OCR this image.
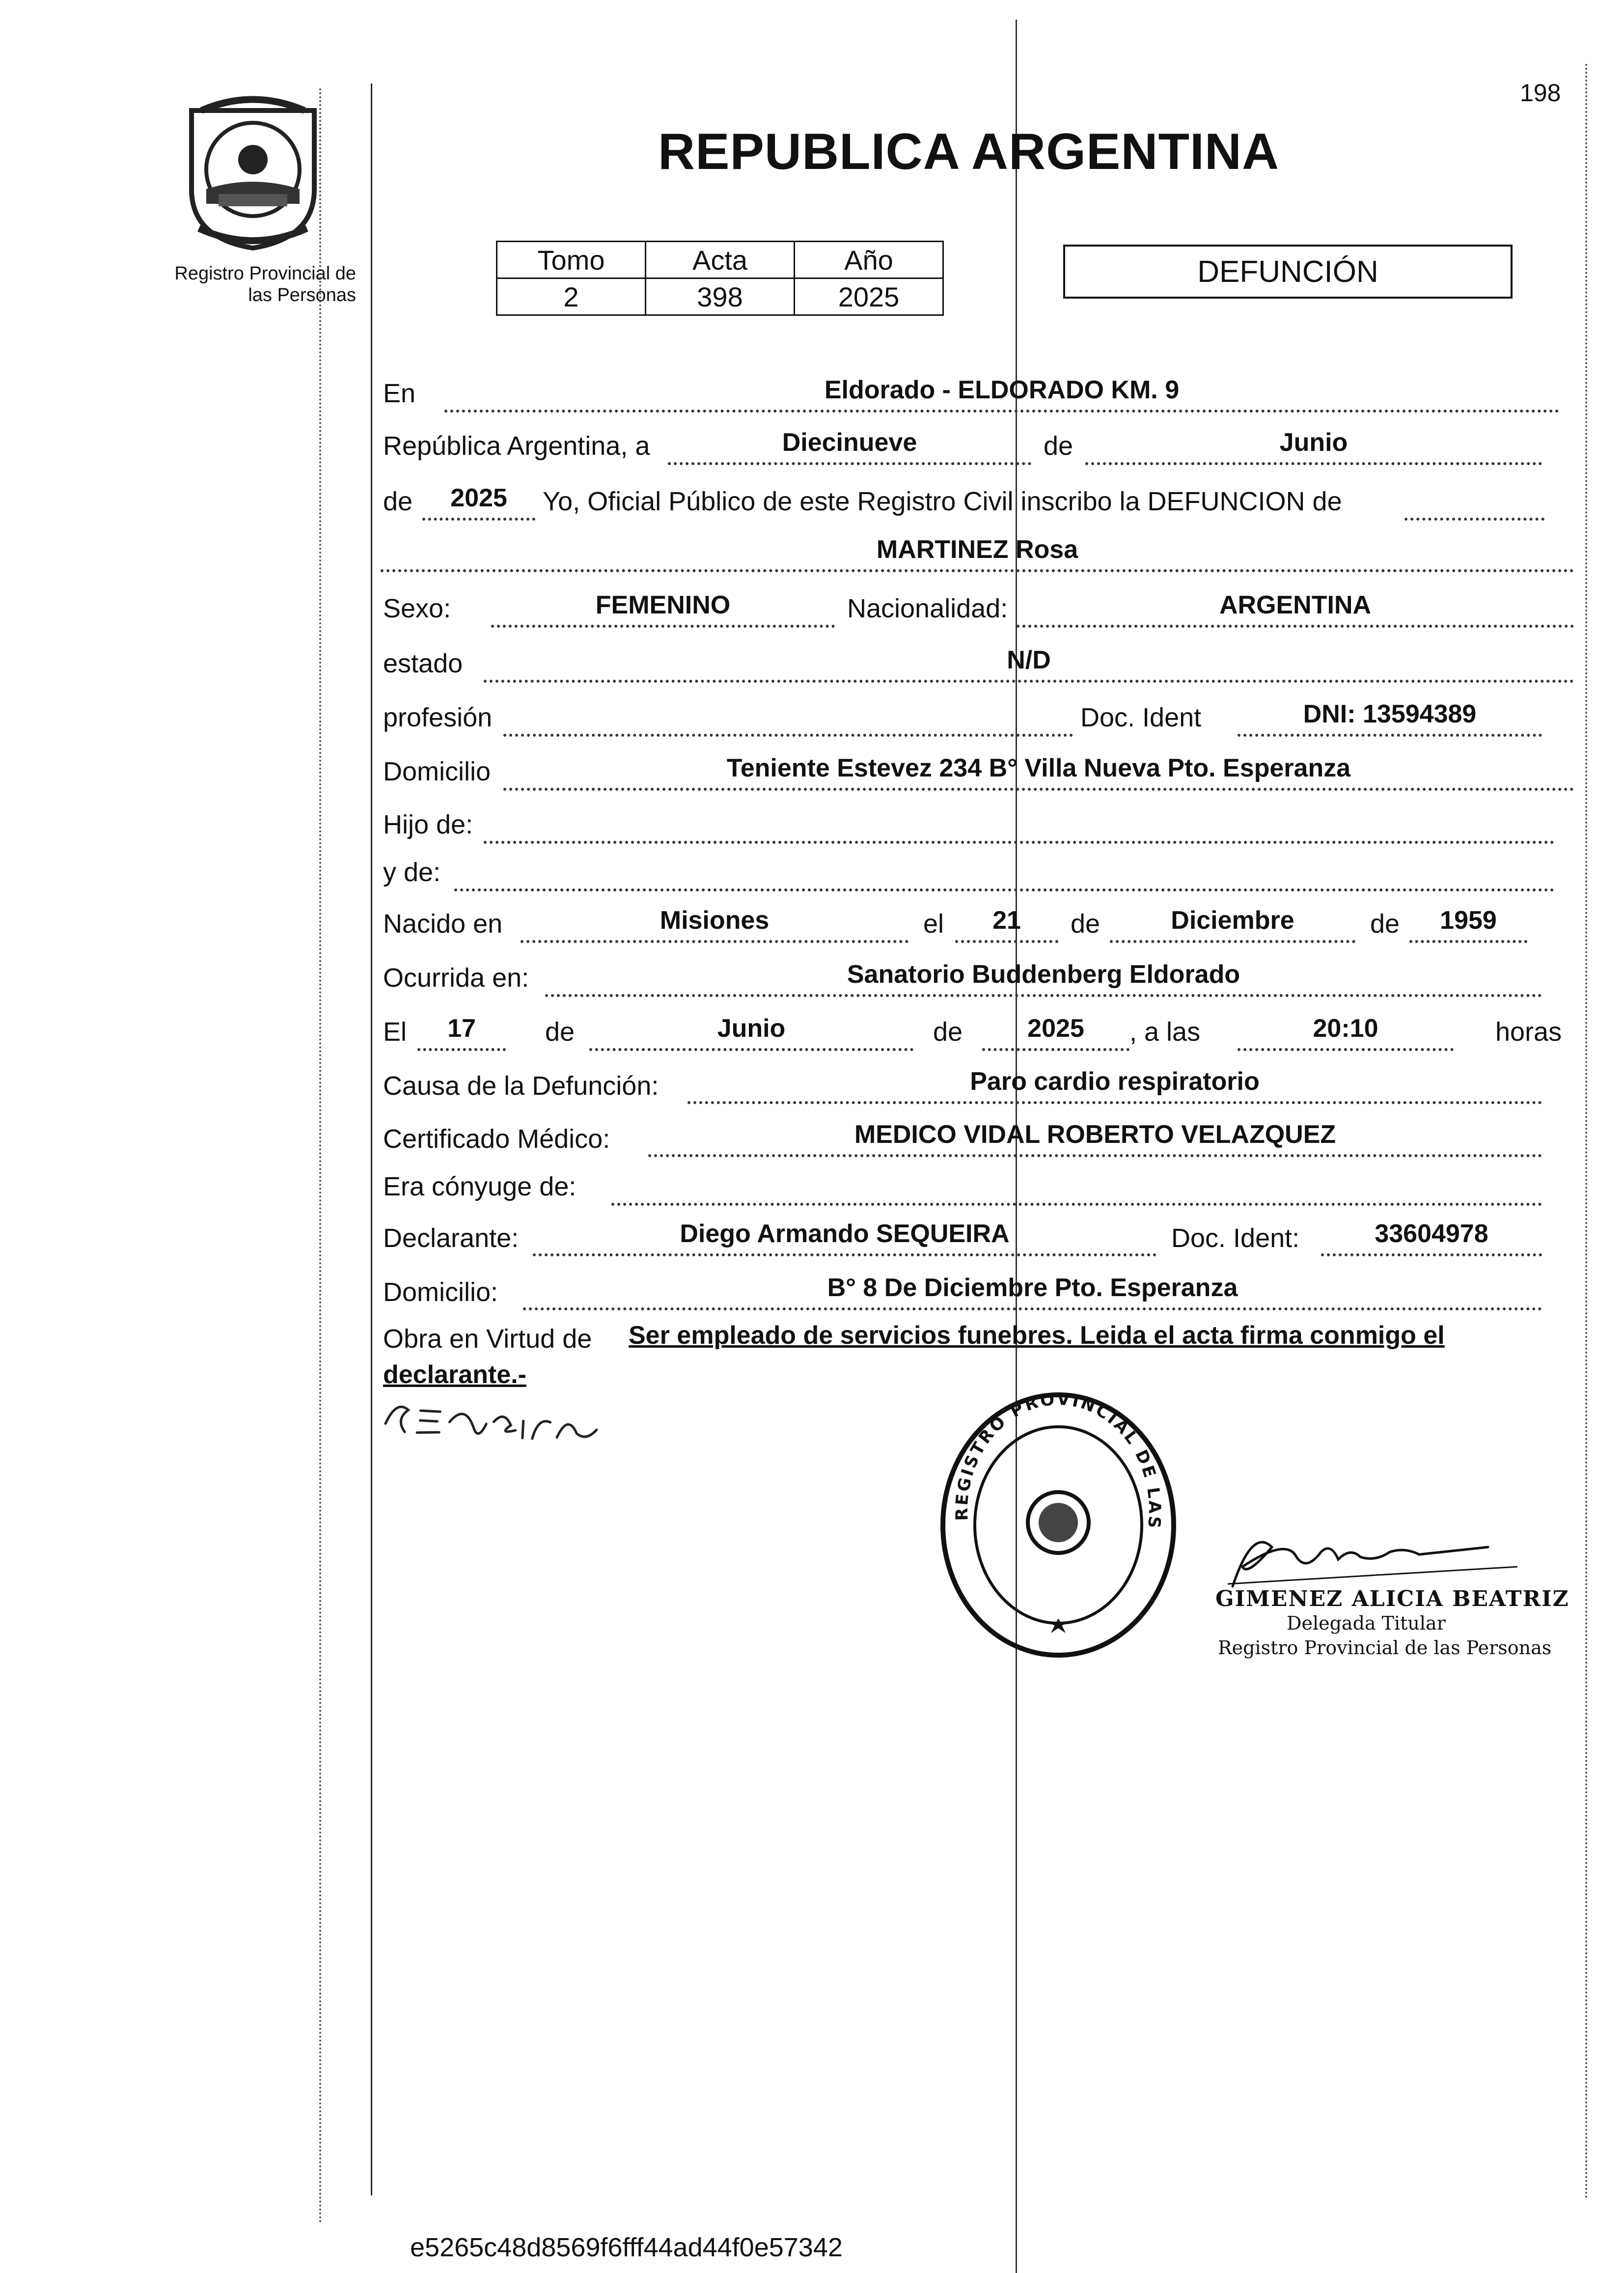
198
Registro Provincial de
las Personas
REPUBLICA ARGENTINA
Tomo	Acta	Año
2	398	2025
DEFUNCIÓN
En	Eldorado - ELDORADO KM. 9
República Argentina, a	Diecinueve	de	Junio
de	2025	Yo, Oficial Público de este Registro Civil inscribo la DEFUNCION de
MARTINEZ Rosa
Sexo:	FEMENINO	Nacionalidad:	ARGENTINA
estado	N/D
profesión	Doc. Ident	DNI: 13594389
Domicilio	Teniente Estevez 234 B° Villa Nueva Pto. Esperanza
Hijo de:
y de:
Nacido en	Misiones	el	21	de	Diciembre	de	1959
Ocurrida en:	Sanatorio Buddenberg Eldorado
El	17	de	Junio	de	2025	, a las	20:10	horas
Causa de la Defunción:	Paro cardio respiratorio
Certificado Médico:	MEDICO VIDAL ROBERTO VELAZQUEZ
Era cónyuge de:
Declarante:	Diego Armando SEQUEIRA	Doc. Ident:	33604978
Domicilio:	B° 8 De Diciembre Pto. Esperanza
Obra en Virtud de Ser empleado de servicios funebres. Leida el acta firma conmigo el
declarante.-
REGISTRO PROVINCIAL DE LAS
GIMENEZ ALICIA BEATRIZ
Delegada Titular
Registro Provincial de las Personas
e5265c48d8569f6fff44ad44f0e57342
